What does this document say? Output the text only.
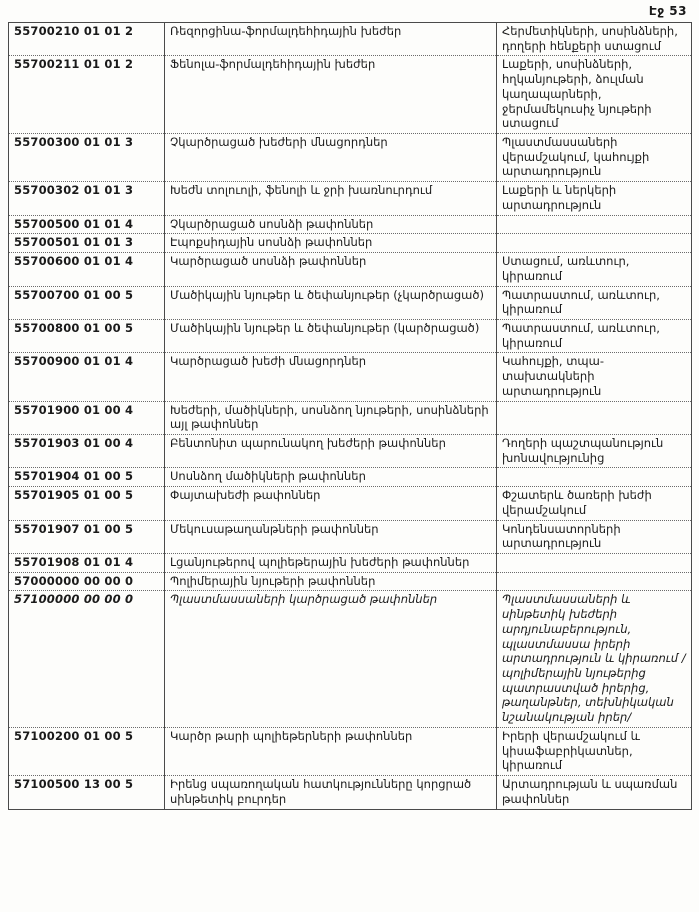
Էջ 53
55700210 01 01 2	Ռեզորցինա-ֆորմալդեհիդային խեժեր	Հերմետիկների, սոսինձների, դողերի հենքերի ստացում
55700211 01 01 2	Ֆենոլա-ֆորմալդեհիդային խեժեր	Լաքերի, սոսինձների, հղկանյութերի, ձուլման կաղապարների, ջերմամեկուսիչ նյութերի ստացում
55700300 01 01 3	Չկարծրացած խեժերի մնացորդներ	Պլաստմասսաների վերամշակում, կահույքի արտադրություն
55700302 01 01 3	Խեժն տոլուոլի, ֆենոլի և ջրի խառնուրդում	Լաքերի և ներկերի արտադրություն
55700500 01 01 4	Չկարծրացած սոսնձի թափոններ	
55700501 01 01 3	Էպոքսիդային սոսնձի թափոններ	
55700600 01 01 4	Կարծրացած սոսնձի թափոններ	Ստացում, առևտուր, կիրառում
55700700 01 00 5	Մածիկային նյութեր և ծեփանյութեր (չկարծրացած)	Պատրաստում, առևտուր, կիրառում
55700800 01 00 5	Մածիկային նյութեր և ծեփանյութեր (կարծրացած)	Պատրաստում, առևտուր, կիրառում
55700900 01 01 4	Կարծրացած խեժի մնացորդներ	Կահույքի, տպա- տախտակների արտադրություն
55701900 01 00 4	Խեժերի, մածիկների, սոսնձող նյութերի, սոսինձների այլ թափոններ	
55701903 01 00 4	Բենտոնիտ պարունակող խեժերի թափոններ	Դողերի պաշտպանություն խոնավությունից
55701904 01 00 5	Սոսնձող մածիկների թափոններ	
55701905 01 00 5	Փայտախեժի թափոններ	Փշատերև ծառերի խեժի վերամշակում
55701907 01 00 5	Մեկուսաթաղանթների թափոններ	Կոնդենսատորների արտադրություն
55701908 01 01 4	Լցանյութերով պոլիեթերային խեժերի թափոններ	
57000000 00 00 0	Պոլիմերային նյութերի թափոններ	
57100000 00 00 0	Պլաստմասսաների կարծրացած թափոններ	Պլաստմասսաների և սինթետիկ խեժերի արդյունաբերություն, պլաստմասսա իրերի արտադրություն և կիրառում /պոլիմերային նյութերից պատրաստված իրերից, թաղանթներ, տեխնիկական նշանակության իրեր/
57100200 01 00 5	Կարծր թարի պոլիեթերների թափոններ	Իրերի վերամշակում և կիսաֆաբրիկատներ, կիրառում
57100500 13 00 5	Իրենց սպառողական հատկությունները կորցրած սինթետիկ բուրդեր	Արտադրության և սպառման թափոններ
